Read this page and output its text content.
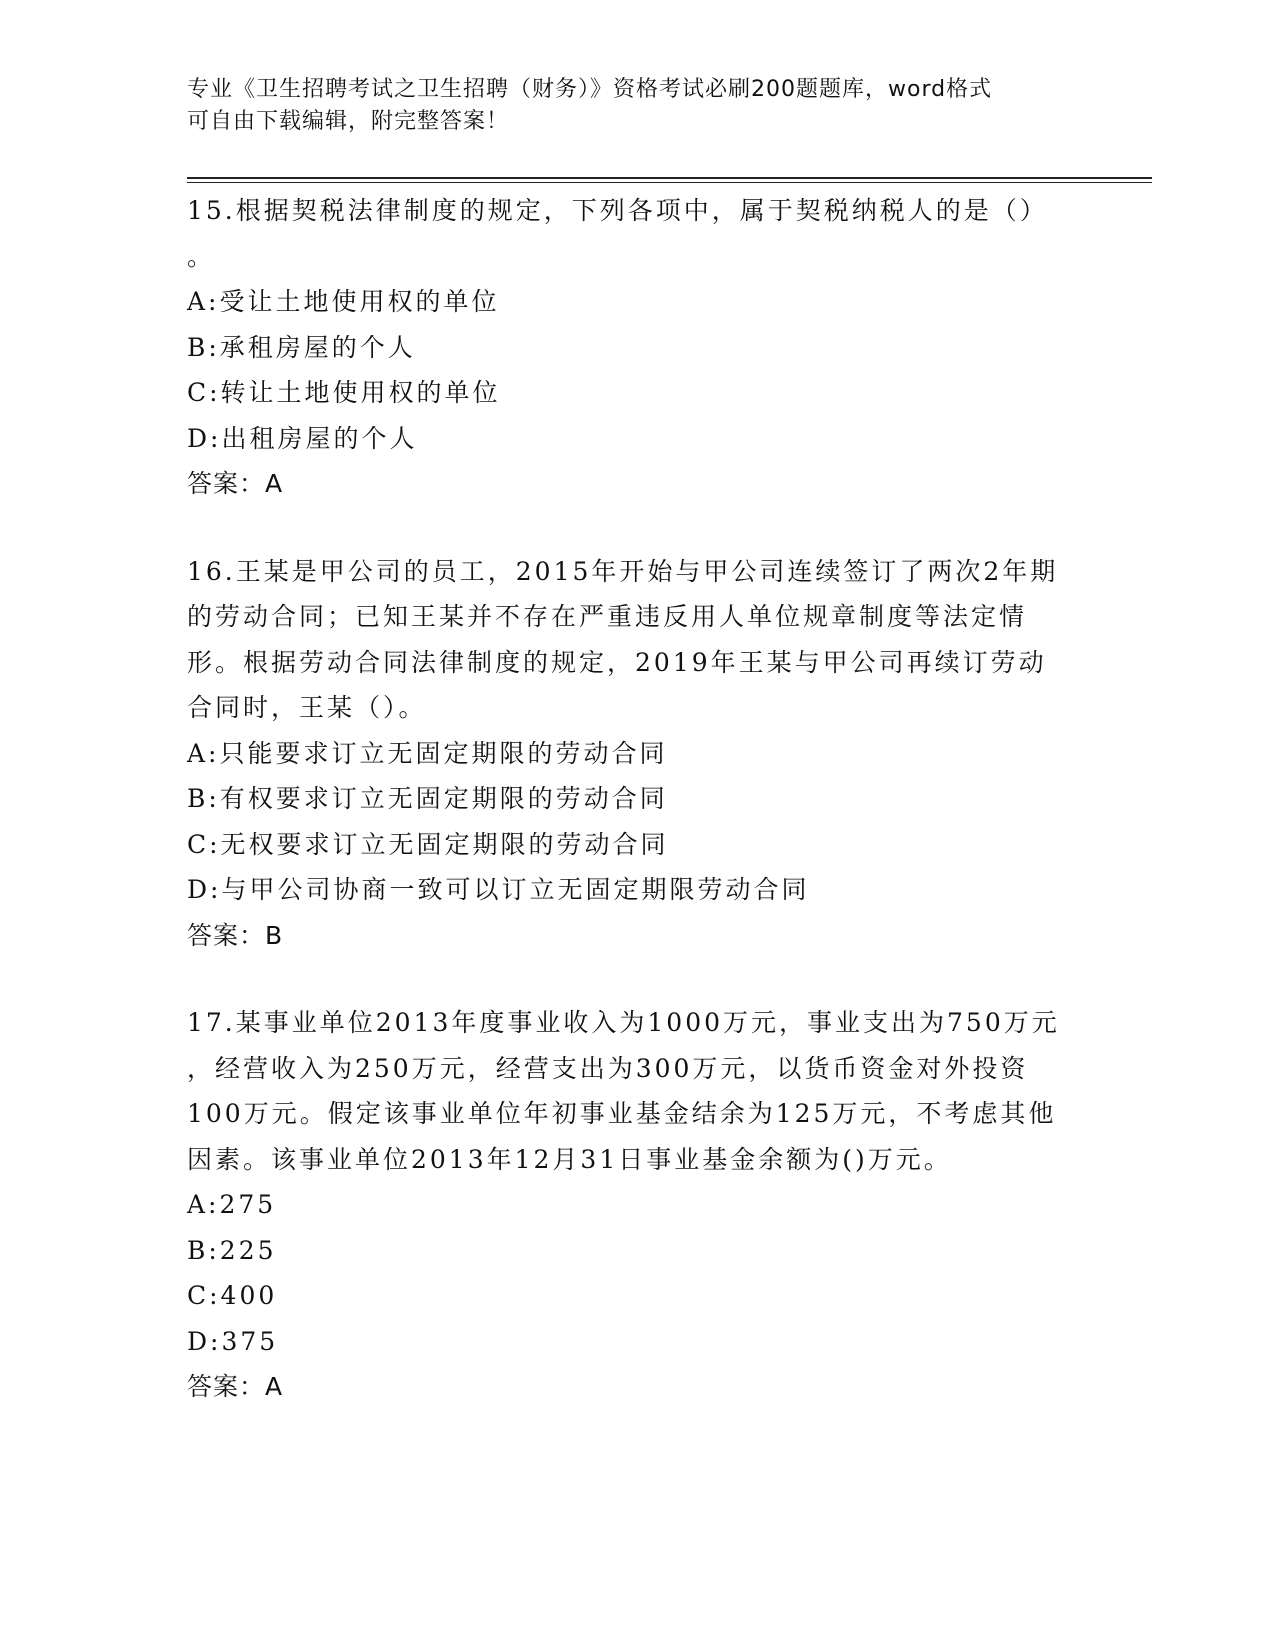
专业《卫生招聘考试之卫生招聘（财务）》资格考试必刷200题题库，word格式
可自由下载编辑，附完整答案！
15.根据契税法律制度的规定，下列各项中，属于契税纳税人的是（）
。
A:受让土地使用权的单位
B:承租房屋的个人
C:转让土地使用权的单位
D:出租房屋的个人
答案：A
16.王某是甲公司的员工，2015年开始与甲公司连续签订了两次2年期
的劳动合同；已知王某并不存在严重违反用人单位规章制度等法定情
形。根据劳动合同法律制度的规定，2019年王某与甲公司再续订劳动
合同时，王某（）。
A:只能要求订立无固定期限的劳动合同
B:有权要求订立无固定期限的劳动合同
C:无权要求订立无固定期限的劳动合同
D:与甲公司协商一致可以订立无固定期限劳动合同
答案：B
17.某事业单位2013年度事业收入为1000万元，事业支出为750万元
，经营收入为250万元，经营支出为300万元，以货币资金对外投资
100万元。假定该事业单位年初事业基金结余为125万元，不考虑其他
因素。该事业单位2013年12月31日事业基金余额为()万元。
A:275
B:225
C:400
D:375
答案：A
